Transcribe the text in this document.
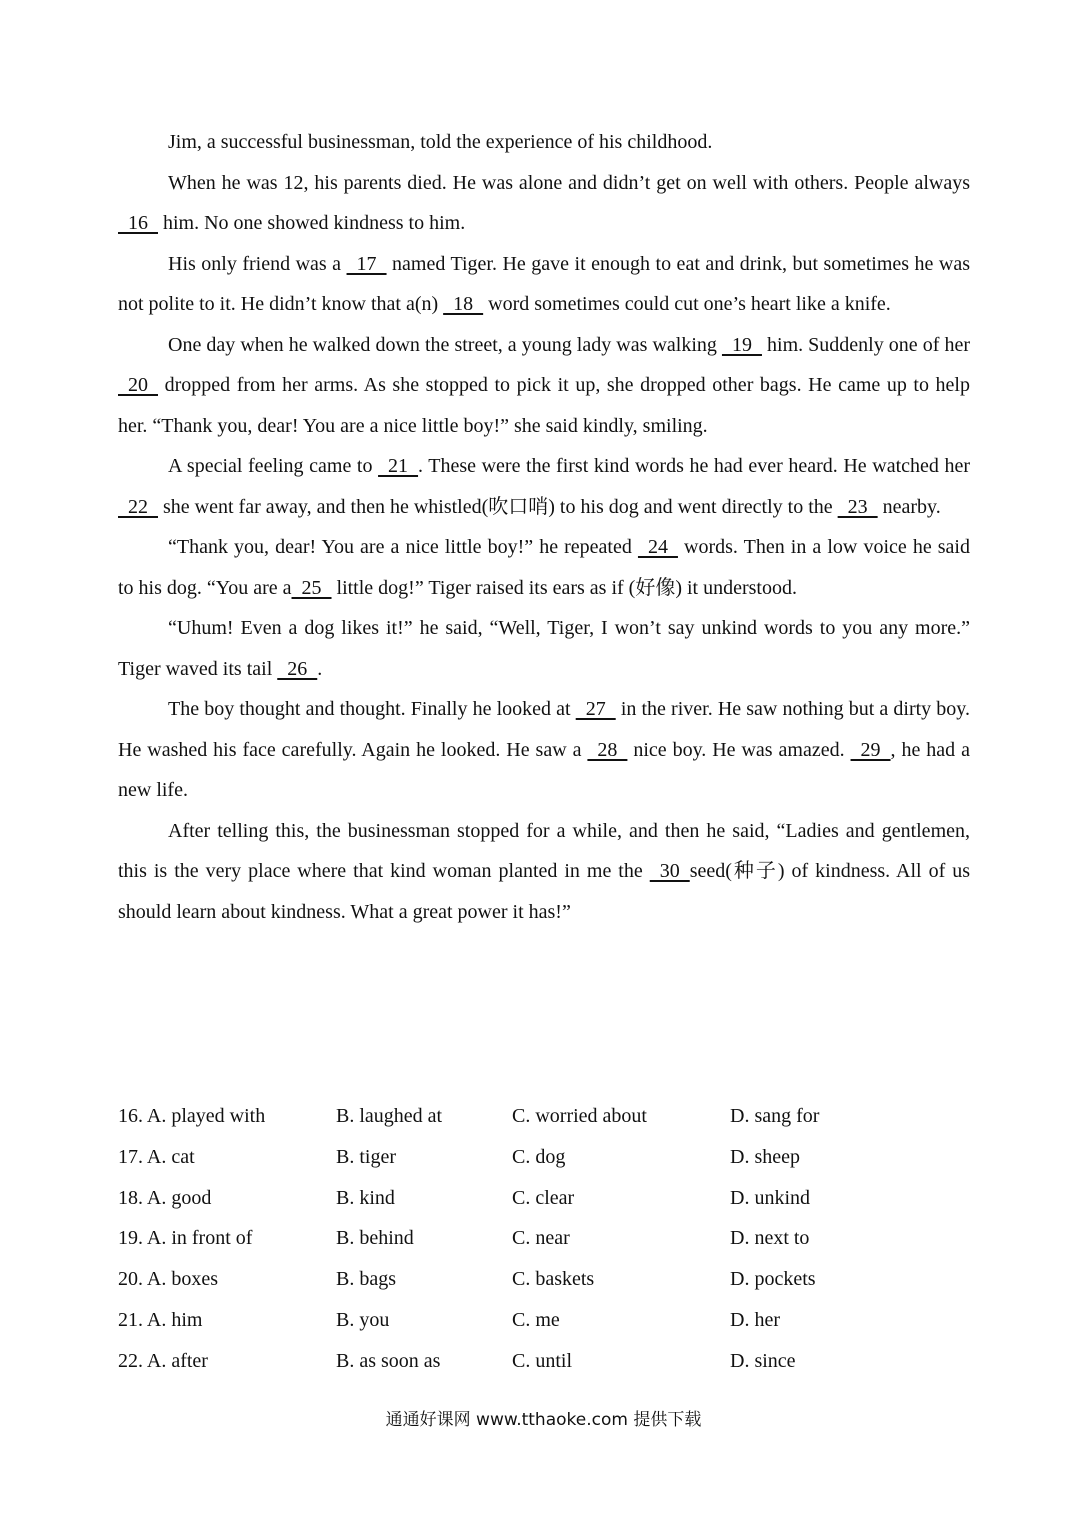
Jim, a successful businessman, told the experience of his childhood.

When he was 12, his parents died. He was alone and didn’t get on well with others. People always   16   him. No one showed kindness to him.

His only friend was a   17   named Tiger. He gave it enough to eat and drink, but sometimes he was not polite to it. He didn’t know that a(n)   18   word sometimes could cut one’s heart like a knife.

One day when he walked down the street, a young lady was walking   19   him. Suddenly one of her  20   dropped from her arms. As she stopped to pick it up, she dropped other bags. He came up to help her. “Thank you, dear! You are a nice little boy!” she said kindly, smiling.

A special feeling came to   21  . These were the first kind words he had ever heard. He watched her   22   she went far away, and then he whistled(吹口哨) to his dog and went directly to the   23   nearby.

“Thank you, dear! You are a nice little boy!” he repeated   24   words. Then in a low voice he said to his dog. “You are a  25   little dog!” Tiger raised its ears as if (好像) it understood.

“Uhum! Even a dog likes it!” he said, “Well, Tiger, I won’t say unkind words to you any more.” Tiger waved its tail   26  .

The boy thought and thought. Finally he looked at   27   in the river. He saw nothing but a dirty boy. He washed his face carefully. Again he looked. He saw a   28   nice boy. He was amazed.   29  , he had a new life.

After telling this, the businessman stopped for a while, and then he said, “Ladies and gentlemen, this is the very place where that kind woman planted in me the   30  seed(种子) of kindness. All of us should learn about kindness. What a great power it has!”

16. A. played with	B. laughed at	C. worried about	D. sang for
17. A. cat	B. tiger	C. dog	D. sheep
18. A. good	B. kind	C. clear	D. unkind
19. A. in front of	B. behind	C. near	D. next to
20. A. boxes	B. bags	C. baskets	D. pockets
21. A. him	B. you	C. me	D. her
22. A. after	B. as soon as	C. until	D. since
通通好课网 www.tthaoke.com 提供下载
